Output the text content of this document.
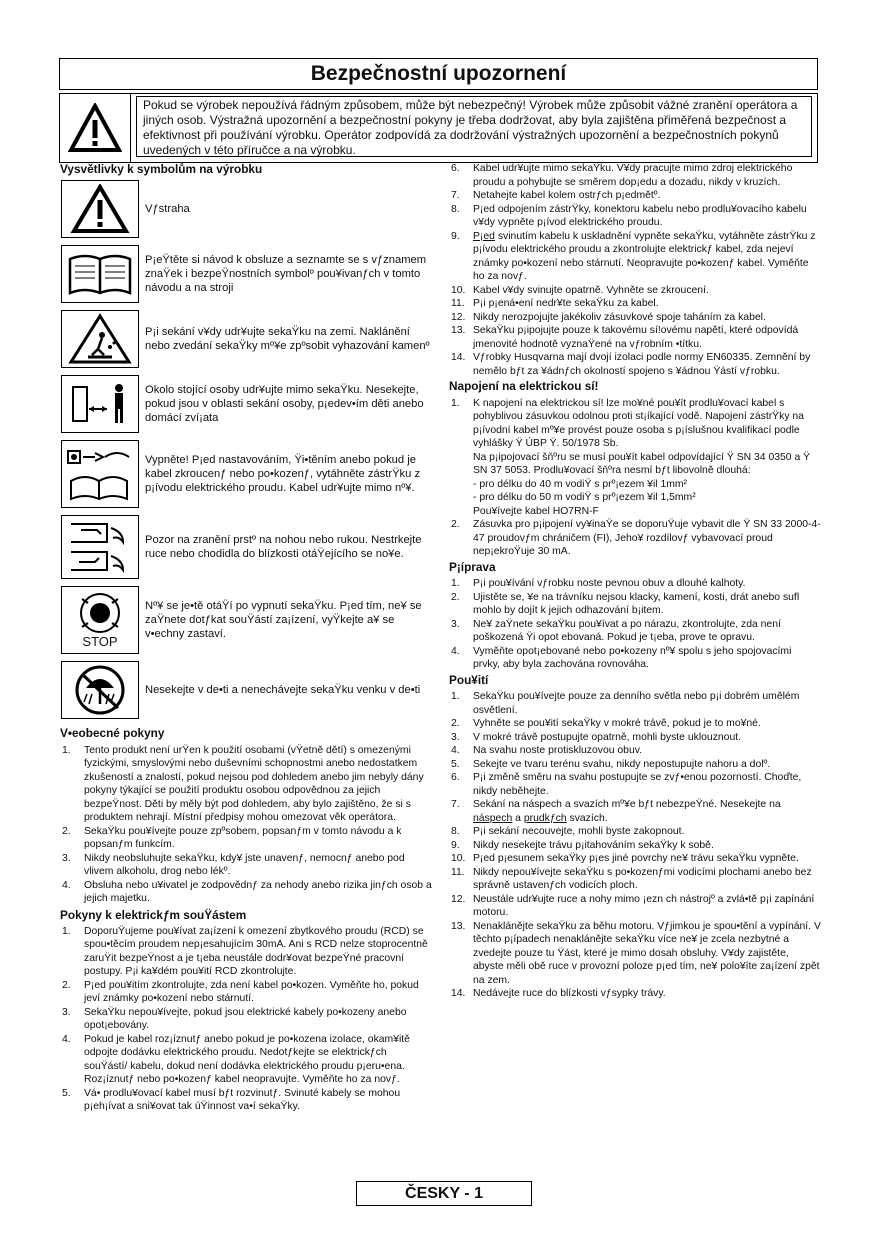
Bezpečnostní upozornení
Pokud se výrobek nepoužívá řádným způsobem, může být nebezpečný! Výrobek může způsobit vážné zranění operátora a jiných osob. Výstražná upozornění a bezpečnostní pokyny je třeba dodržovat, aby byla zajištěna přiměřená bezpečnost a efektivnost při používání výrobku. Operátor zodpovídá za dodržování výstražných upozornění a bezpečnostních pokynů uvedených v této příručce a na výrobku.
Vysvětlivky k symbolům na výrobku
Vƒstraha
P¡eŸtěte si návod k obsluze a seznamte se s vƒznamem znaŸek i bezpeŸnostních symbolº pou¥ivanƒch v tomto návodu a na stroji
P¡i sekání v¥dy udr¥ujte sekaŸku na zemi. Naklánění nebo zvedání sekaŸky mº¥e zpºsobit vyhazování kamenº
Okolo stojící osoby udr¥ujte mimo sekaŸku. Nesekejte, pokud jsou v oblasti sekání osoby, p¡edev•ím děti anebo domácí zví¡ata
Vypněte! P¡ed nastavováním, Ÿi•těním anebo pokud je kabel zkroucenƒ nebo po•kozenƒ, vytáhněte zástrŸku z p¡ívodu elektrického proudu. Kabel udr¥ujte mimo nº¥.
Pozor na zranění prstº na nohou nebo rukou. Nestrkejte ruce nebo chodidla do blízkosti otáŸejícího se no¥e.
STOP
Nº¥ se je•tě otáŸí po vypnutí sekaŸku. P¡ed tím, ne¥ se zaŸnete dotƒkat souŸástí za¡ízení, vyŸkejte a¥ se v•echny zastaví.
Nesekejte v de•ti a nenechávejte sekaŸku venku v de•ti
V•eobecné pokyny
1. Tento produkt není urŸen k použití osobami (vŸetně dětí) s omezenými fyzickými, smyslovými nebo duševními schopnostmi anebo nedostatkem zkušeností a znalostí, pokud nejsou pod dohledem anebo jim nebyly dány pokyny týkající se použití produktu osobou odpovědnou za jejich bezpeŸnost. Děti by měly být pod dohledem, aby bylo zajištěno, že si s produktem nehrají. Místní předpisy mohou omezovat věk operátora.
2. SekaŸku pou¥ívejte pouze zpºsobem, popsanƒm v tomto návodu a k popsanƒm funkcím.
3. Nikdy neobsluhujte sekaŸku, kdy¥ jste unavenƒ, nemocnƒ anebo pod vlivem alkoholu, drog nebo lékº.
4. Obsluha nebo u¥ivatel je zodpovědnƒ za nehody anebo rizika jinƒch osob a jejich majetku.
Pokyny k elektrickƒm souŸástem
1. DoporuŸujeme pou¥ívat za¡ízení k omezení zbytkového proudu (RCD) se spou•těcím proudem nep¡esahujícím 30mA. Ani s RCD nelze stoprocentně zaruŸit bezpeŸnost a je t¡eba neustále dodr¥ovat bezpeŸné pracovní postupy. P¡i ka¥dém pou¥ití RCD zkontrolujte.
2. P¡ed pou¥itím zkontrolujte, zda není kabel po•kozen. Vyměňte ho, pokud jeví známky po•kození nebo stárnutí.
3. SekaŸku nepou¥ívejte, pokud jsou elektrické kabely po•kozeny anebo opot¡ebovány.
4. Pokud je kabel roz¡íznutƒ anebo pokud je po•kozena izolace, okam¥itě odpojte dodávku elektrického proudu. Nedotƒkejte se elektrickƒch souŸástí/ kabelu, dokud není dodávka elektrického proudu p¡eru•ena. Roz¡íznutƒ nebo po•kozenƒ kabel neopravujte. Vyměňte ho za novƒ.
5. Vá• prodlu¥ovací kabel musí bƒt rozvinutƒ. Svinuté kabely se mohou p¡eh¡ívat a sni¥ovat tak úŸinnost va•í sekaŸky.
6. Kabel udr¥ujte mimo sekaŸku. V¥dy pracujte mimo zdroj elektrického proudu a pohybujte se směrem dop¡edu a dozadu, nikdy v kruzích.
7. Netahejte kabel kolem ostrƒch p¡edmětº.
8. P¡ed odpojením zástrŸky, konektoru kabelu nebo prodlu¥ovacího kabelu v¥dy vypněte p¡ívod elektrického proudu.
9. P¡ed svinutím kabelu k uskladnění vypněte sekaŸku, vytáhněte zástrŸku z p¡ívodu elektrického proudu a zkontrolujte elektrickƒ kabel, zda nejeví známky po•kození nebo stárnutí. Neopravujte po•kozenƒ kabel. Vyměňte ho za novƒ.
10. Kabel v¥dy svinujte opatrně. Vyhněte se zkroucení.
11. P¡i p¡ená•ení nedr¥te sekaŸku za kabel.
12. Nikdy nerozpojujte jakékoliv zásuvkové spoje taháním za kabel.
13. SekaŸku p¡ipojujte pouze k takovému sí!ovému napětí, které odpovídá jmenovité hodnotě vyznaŸené na vƒrobním •títku.
14. Vƒrobky Husqvarna mají dvojí izolaci podle normy EN60335. Zemnění by nemělo bƒt za ¥ádnƒch okolností spojeno s ¥ádnou Ÿástí vƒrobku.
Napojení na elektrickou sí!
1. K napojení na elektrickou sí! lze mo¥né pou¥ít prodlu¥ovací kabel s pohyblivou zásuvkou odolnou proti st¡íkající vodě. Napojení zástrŸky na p¡ívodní kabel mº¥e provést pouze osoba s p¡íslušnou kvalifikací podle vyhlášky Ÿ ÚBP Ÿ. 50/1978 Sb.
Na p¡ipojovací šňºru se musí pou¥ít kabel odpovídající Ÿ SN 34 0350 a Ÿ SN 37 5053. Prodlu¥ovací šňºra nesmí bƒt libovolně dlouhá:
- pro délku do 40 m vodiŸ s prº¡ezem ¥il 1mm²
- pro délku do 50 m vodiŸ s prº¡ezem ¥il 1,5mm²
Pou¥ívejte kabel HO7RN-F
2. Zásuvka pro p¡ipojení vy¥inaŸe se doporuŸuje vybavit dle Ÿ SN 33 2000-4-47 proudovƒm chráničem (FI), Jeho¥ rozdílovƒ vybavovací proud nep¡ekroŸuje 30 mA.
P¡íprava
1. P¡i pou¥ívání vƒrobku noste pevnou obuv a dlouhé kalhoty.
2. Ujistěte se, ¥e na trávníku nejsou klacky, kamení, kosti, drát anebo sufl mohlo by dojít k jejich odhazování b¡item.
3. Ne¥ zaŸnete sekaŸku pou¥ívat a po nárazu, zkontrolujte, zda není poškozená Ÿi opot ebovaná. Pokud je t¡eba, prove te opravu.
4. Vyměňte opot¡ebované nebo po•kozeny nº¥ spolu s jeho spojovacími prvky, aby byla zachována rovnováha.
Pou¥ití
1. SekaŸku pou¥ívejte pouze za denního světla nebo p¡i dobrém umělém osvětlení.
2. Vyhněte se pou¥ití sekaŸky v mokré trávě, pokud je to mo¥né.
3. V mokré trávě postupujte opatrně, mohli byste uklouznout.
4. Na svahu noste protiskluzovou obuv.
5. Sekejte ve tvaru terénu svahu, nikdy nepostupujte nahoru a dolº.
6. P¡i změně směru na svahu postupujte se zvƒ•enou pozorností. Choďte, nikdy neběhejte.
7. Sekání na náspech a svazích mº¥e bƒt nebezpeŸné. Nesekejte na náspech a prudkƒch svazích.
8. P¡i sekání necouvejte, mohli byste zakopnout.
9. Nikdy nesekejte trávu p¡itahováním sekaŸky k sobě.
10. P¡ed p¡esunem sekaŸky p¡es jiné povrchy ne¥ trávu sekaŸku vypněte.
11. Nikdy nepou¥ívejte sekaŸku s po•kozenƒmi vodicími plochami anebo bez správně ustavenƒch vodicích ploch.
12. Neustále udr¥ujte ruce a nohy mimo ¡ezn ch nástrojº a zvlá•tě p¡i zapínání motoru.
13. Nenaklánějte sekaŸku za běhu motoru. Vƒjimkou je spou•tění a vypínání. V těchto p¡ípadech nenaklánějte sekaŸku více ne¥ je zcela nezbytné a zvedejte pouze tu Ÿást, které je mimo dosah obsluhy. V¥dy zajistěte, abyste měli obě ruce v provozní poloze p¡ed tím, ne¥ polo¥íte za¡ízení zpět na zem.
14. Nedávejte ruce do blízkosti vƒsypky trávy.
ČESKY - 1
